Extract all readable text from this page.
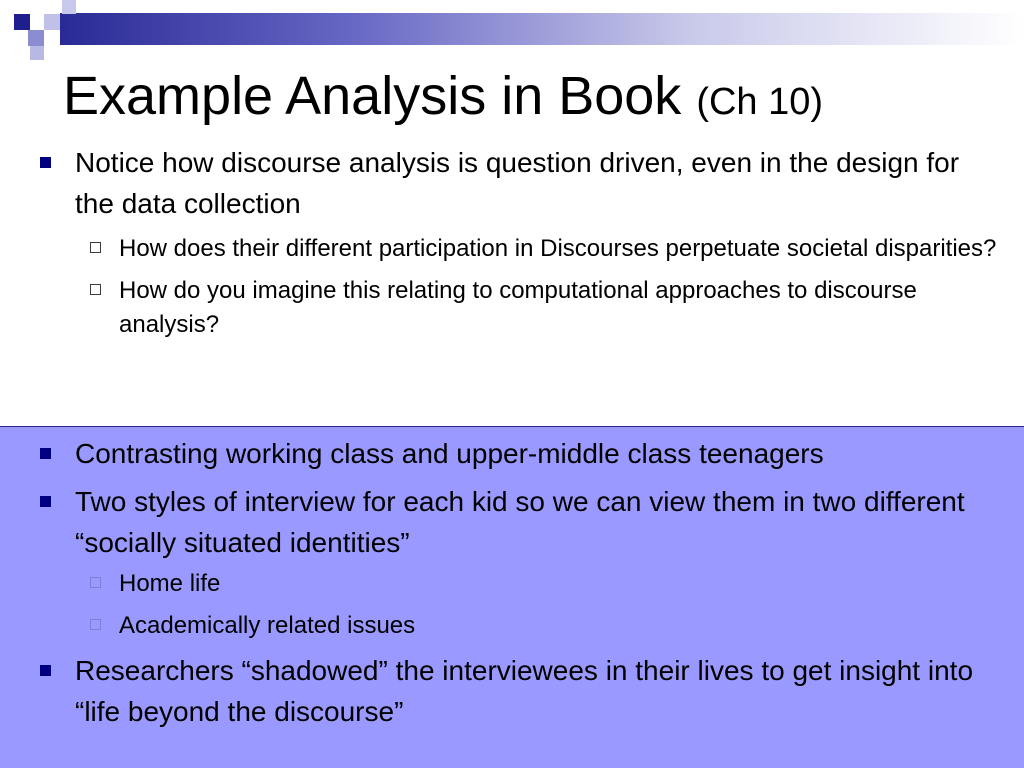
Example Analysis in Book (Ch 10)
Notice how discourse analysis is question driven, even in the design for the data collection
How does their different participation in Discourses perpetuate societal disparities?
How do you imagine this relating to computational approaches to discourse analysis?
Contrasting working class and upper-middle class teenagers
Two styles of interview for each kid so we can view them in two different “socially situated identities”
Home life
Academically related issues
Researchers “shadowed” the interviewees in their lives to get insight into “life beyond the discourse”
